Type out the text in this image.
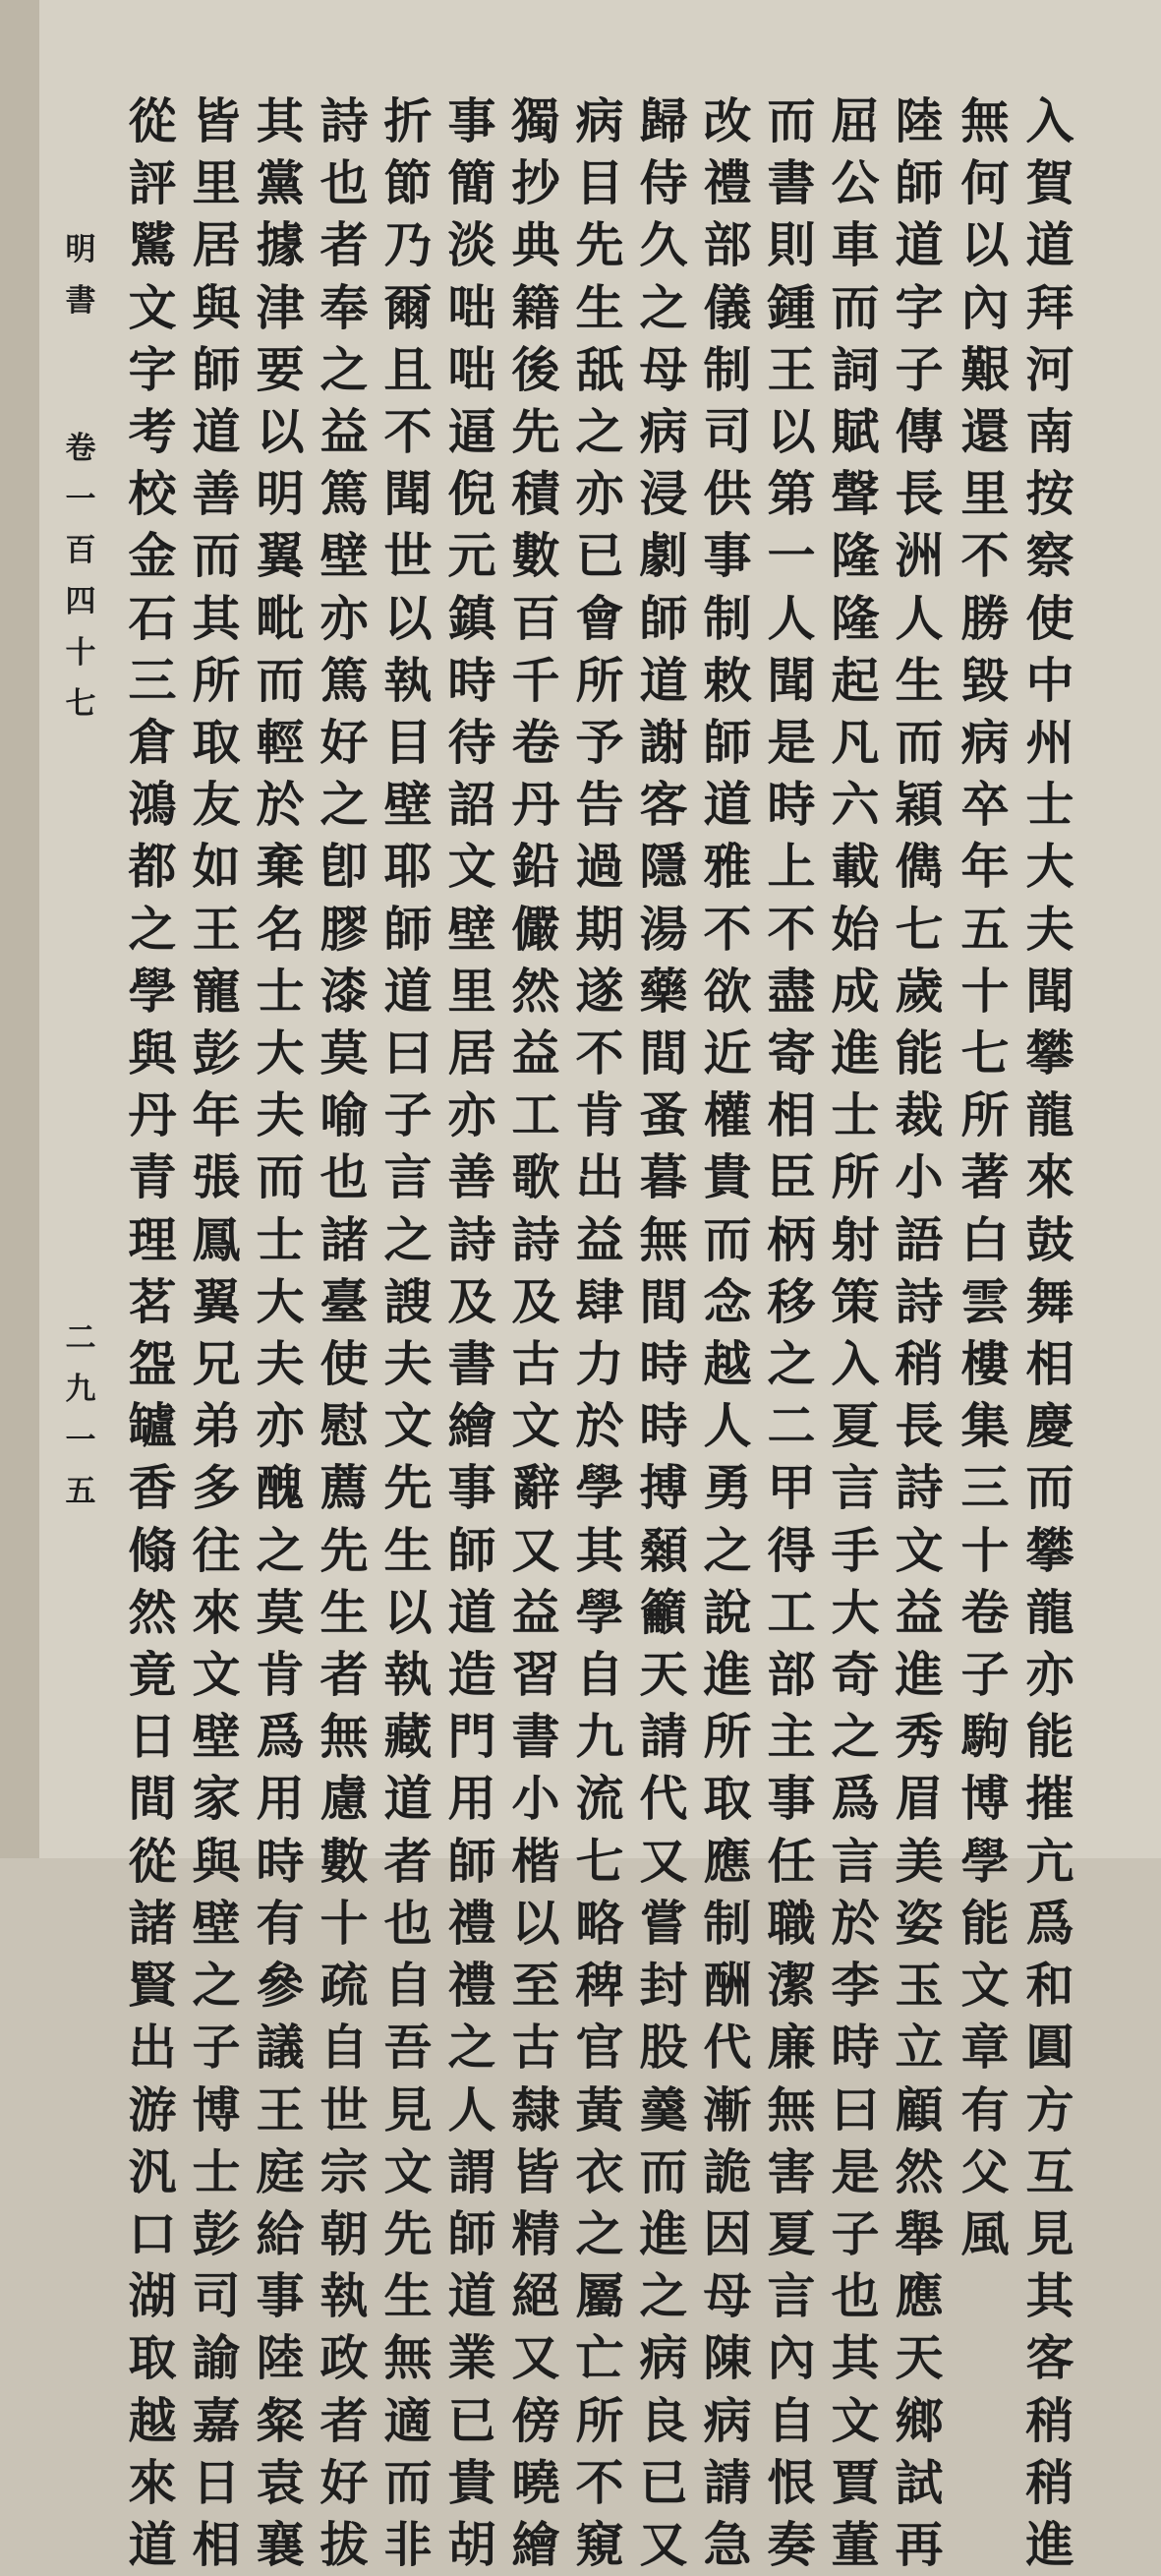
入
賀
道
拜
河
南
按
察
使
中
州
士
大
夫
聞
攀
龍
來
鼓
舞
相
慶
而
攀
龍
亦
能
摧
亢
爲
和
圓
方
互
見
其
客
稍
稍
進
無
何
以
內
艱
還
里
不
勝
毀
病
卒
年
五
十
七
所
著
白
雲
樓
集
三
十
卷
子
駒
博
學
能
文
章
有
父
風
陸
師
道
字
子
傳
長
洲
人
生
而
穎
儁
七
歲
能
裁
小
語
詩
稍
長
詩
文
益
進
秀
眉
美
姿
玉
立
顧
然
舉
應
天
鄉
試
再
屈
公
車
而
詞
賦
聲
隆
隆
起
凡
六
載
始
成
進
士
所
射
策
入
夏
言
手
大
奇
之
爲
言
於
李
時
曰
是
子
也
其
文
賈
董
而
書
則
鍾
王
以
第
一
人
聞
是
時
上
不
盡
寄
相
臣
柄
移
之
二
甲
得
工
部
主
事
任
職
潔
廉
無
害
夏
言
內
自
恨
奏
改
禮
部
儀
制
司
供
事
制
敕
師
道
雅
不
欲
近
權
貴
而
念
越
人
勇
之
說
進
所
取
應
制
酬
代
漸
詭
因
母
陳
病
請
急
歸
侍
久
之
母
病
浸
劇
師
道
謝
客
隱
湯
藥
間
蚤
暮
無
間
時
時
搏
顙
籲
天
請
代
又
嘗
封
股
羹
而
進
之
病
良
已
又
病
目
先
生
舐
之
亦
已
會
所
予
告
過
期
遂
不
肯
出
益
肆
力
於
學
其
學
自
九
流
七
略
稗
官
黃
衣
之
屬
亡
所
不
窺
獨
抄
典
籍
後
先
積
數
百
千
卷
丹
鉛
儼
然
益
工
歌
詩
及
古
文
辭
又
益
習
書
小
楷
以
至
古
隸
皆
精
絕
又
傍
曉
繪
事
簡
淡
咄
咄
逼
倪
元
鎮
時
待
詔
文
壁
里
居
亦
善
詩
及
書
繪
事
師
道
造
門
用
師
禮
禮
之
人
謂
師
道
業
已
貴
胡
折
節
乃
爾
且
不
聞
世
以
執
目
壁
耶
師
道
曰
子
言
之
謏
夫
文
先
生
以
執
藏
道
者
也
自
吾
見
文
先
生
無
適
而
非
詩
也
者
奉
之
益
篤
壁
亦
篤
好
之
卽
膠
漆
莫
喻
也
諸
臺
使
慰
薦
先
生
者
無
慮
數
十
疏
自
世
宗
朝
執
政
者
好
拔
其
黨
據
津
要
以
明
翼
毗
而
輕
於
棄
名
士
大
夫
而
士
大
夫
亦
醜
之
莫
肯
爲
用
時
有
參
議
王
庭
給
事
陸
粲
袁
襄
皆
里
居
與
師
道
善
而
其
所
取
友
如
王
寵
彭
年
張
鳳
翼
兄
弟
多
往
來
文
壁
家
與
壁
之
子
博
士
彭
司
諭
嘉
日
相
從
評
騭
文
字
考
校
金
石
三
倉
鴻
都
之
學
與
丹
青
理
茗
盌
罏
香
翛
然
竟
日
間
從
諸
賢
出
游
汎
口
湖
取
越
來
道
明
書
卷
一
百
四
十
七
二
九
一
五
